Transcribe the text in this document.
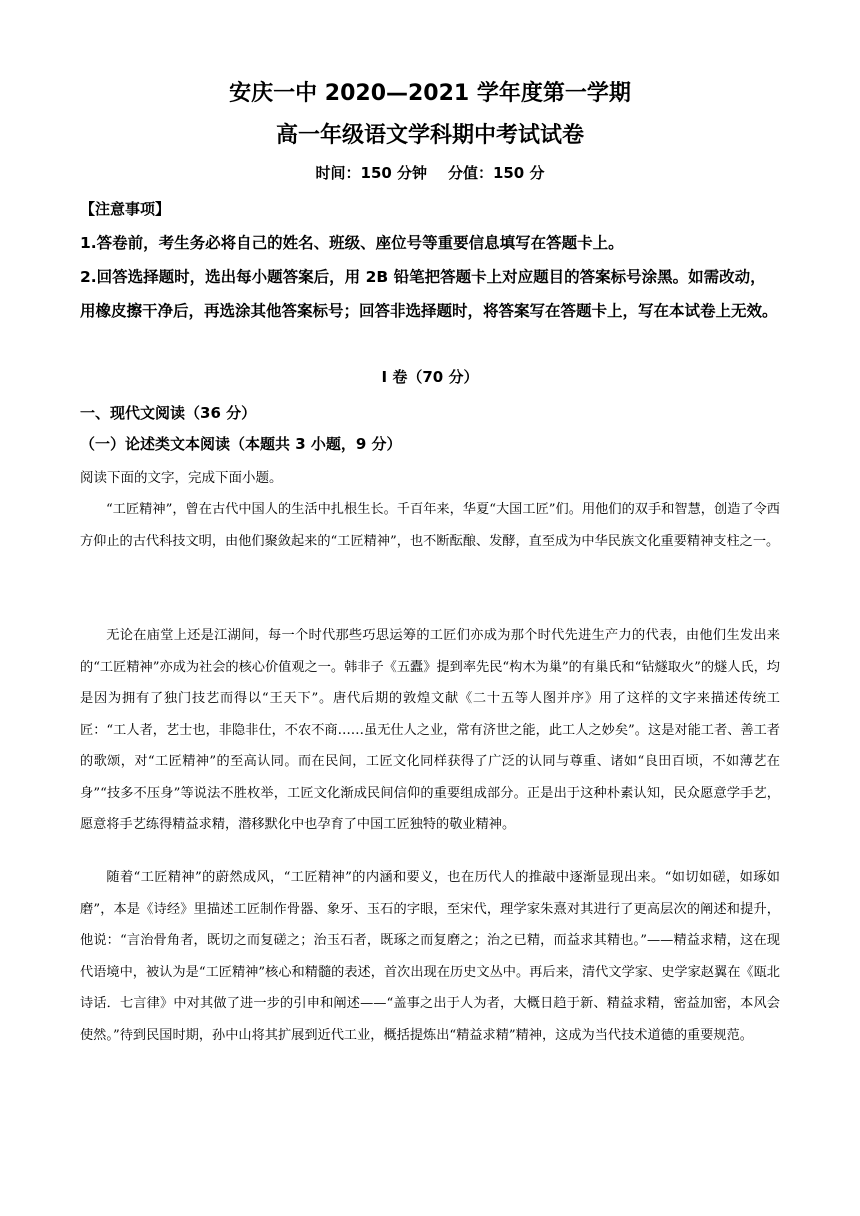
安庆一中 2020—2021 学年度第一学期
高一年级语文学科期中考试试卷
时间：150 分钟    分值：150 分
【注意事项】
1.答卷前，考生务必将自己的姓名、班级、座位号等重要信息填写在答题卡上。
2.回答选择题时，选出每小题答案后，用 2B 铅笔把答题卡上对应题目的答案标号涂黑。如需改动，用橡皮擦干净后，再选涂其他答案标号；回答非选择题时，将答案写在答题卡上，写在本试卷上无效。
I 卷（70 分）
一、现代文阅读（36 分）
（一）论述类文本阅读（本题共 3 小题，9 分）
阅读下面的文字，完成下面小题。
“工匠精神”，曾在古代中国人的生活中扎根生长。千百年来，华夏“大国工匠”们。用他们的双手和智慧，创造了令西方仰止的古代科技文明，由他们聚敛起来的“工匠精神”，也不断酝酿、发酵，直至成为中华民族文化重要精神支柱之一。
无论在庙堂上还是江湖间，每一个时代那些巧思运筹的工匠们亦成为那个时代先进生产力的代表，由他们生发出来的“工匠精神”亦成为社会的核心价值观之一。韩非子《五蠹》提到率先民“构木为巢”的有巢氏和“钻燧取火”的燧人氏，均是因为拥有了独门技艺而得以“王天下”。唐代后期的敦煌文献《二十五等人图并序》用了这样的文字来描述传统工匠：“工人者，艺士也，非隐非仕，不农不商……虽无仕人之业，常有济世之能，此工人之妙矣”。这是对能工者、善工者的歌颂，对“工匠精神”的至高认同。而在民间，工匠文化同样获得了广泛的认同与尊重、诸如“良田百顷，不如薄艺在身”“技多不压身”等说法不胜枚举，工匠文化渐成民间信仰的重要组成部分。正是出于这种朴素认知，民众愿意学手艺，愿意将手艺练得精益求精，潜移默化中也孕育了中国工匠独特的敬业精神。
随着“工匠精神”的蔚然成风，“工匠精神”的内涵和要义，也在历代人的推敲中逐渐显现出来。“如切如磋，如琢如磨”，本是《诗经》里描述工匠制作骨器、象牙、玉石的字眼，至宋代，理学家朱熹对其进行了更高层次的阐述和提升，他说：“言治骨角者，既切之而复磋之；治玉石者，既琢之而复磨之；治之已精，而益求其精也。”——精益求精，这在现代语境中，被认为是“工匠精神”核心和精髓的表述，首次出现在历史文丛中。再后来，清代文学家、史学家赵翼在《瓯北诗话．七言律》中对其做了进一步的引申和阐述——“盖事之出于人为者，大概日趋于新、精益求精，密益加密，本风会使然。”待到民国时期，孙中山将其扩展到近代工业，概括提炼出“精益求精”精神，这成为当代技术道德的重要规范。
